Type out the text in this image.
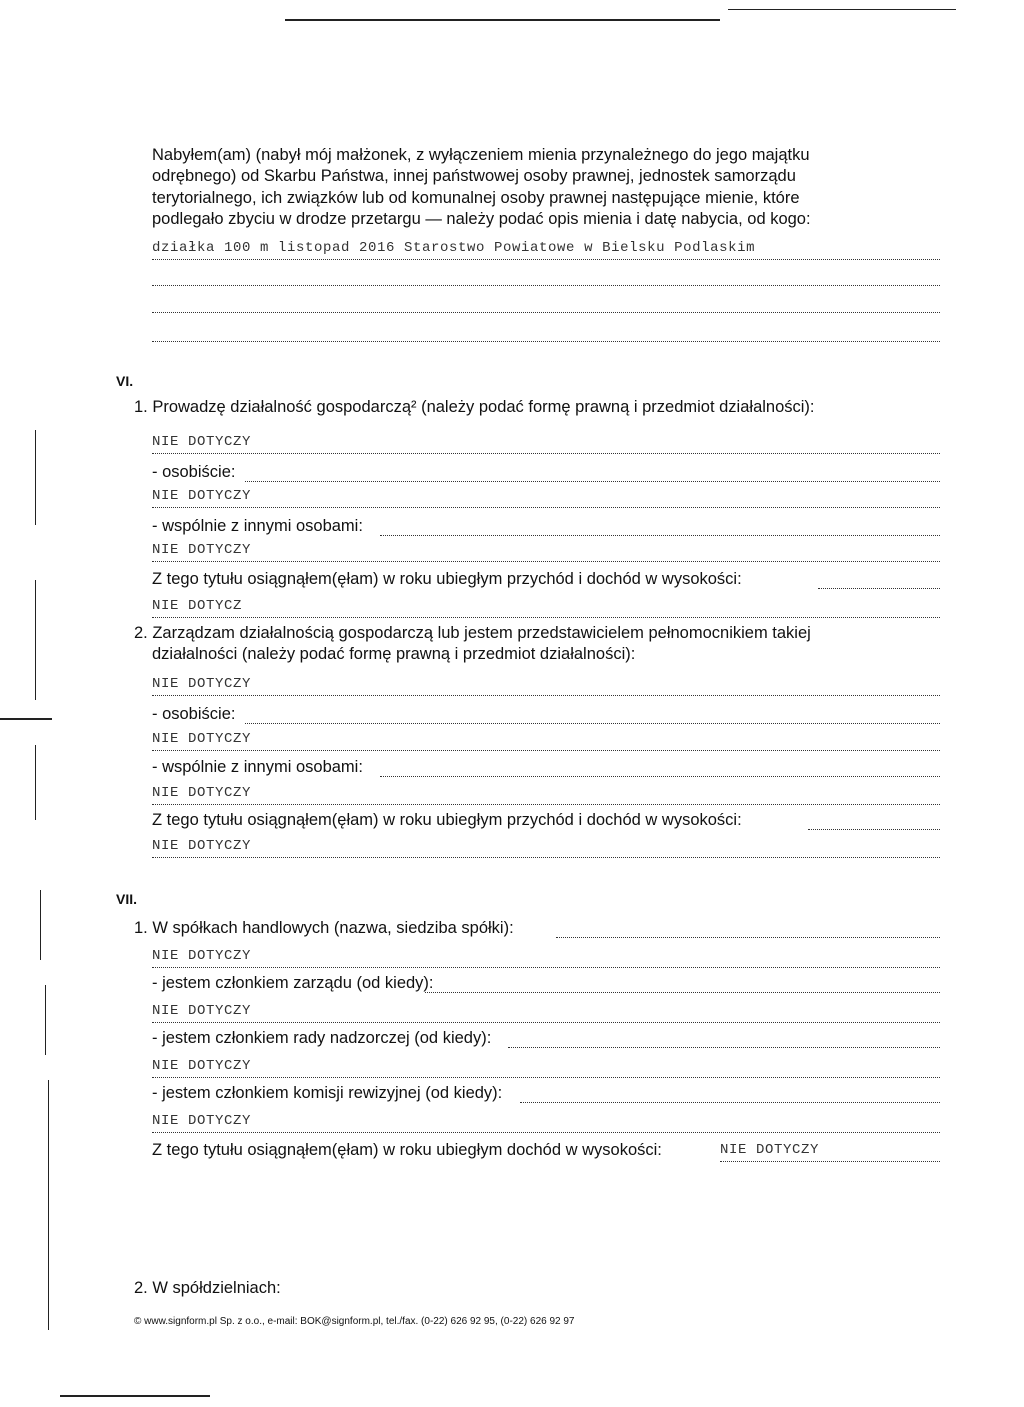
Nabyłem(am) (nabył mój małżonek, z wyłączeniem mienia przynależnego do jego majątku
odrębnego) od Skarbu Państwa, innej państwowej osoby prawnej, jednostek samorządu
terytorialnego, ich związków lub od komunalnej osoby prawnej następujące mienie, które
podlegało zbyciu w drodze przetargu — należy podać opis mienia i datę nabycia, od kogo:
działka 100 m listopad 2016 Starostwo Powiatowe w Bielsku Podlaskim
VI.
1. Prowadzę działalność gospodarczą² (należy podać formę prawną i przedmiot działalności):
NIE DOTYCZY
- osobiście:
NIE DOTYCZY
- wspólnie z innymi osobami:
NIE DOTYCZY
Z tego tytułu osiągnąłem(ęłam) w roku ubiegłym przychód i dochód w wysokości:
NIE DOTYCZ
2. Zarządzam działalnością gospodarczą lub jestem przedstawicielem pełnomocnikiem takiej
działalności (należy podać formę prawną i przedmiot działalności):
NIE DOTYCZY
- osobiście:
NIE DOTYCZY
- wspólnie z innymi osobami:
NIE DOTYCZY
Z tego tytułu osiągnąłem(ęłam) w roku ubiegłym przychód i dochód w wysokości:
NIE DOTYCZY
VII.
1. W spółkach handlowych (nazwa, siedziba spółki):
NIE DOTYCZY
- jestem członkiem zarządu (od kiedy):
NIE DOTYCZY
- jestem członkiem rady nadzorczej (od kiedy):
NIE DOTYCZY
- jestem członkiem komisji rewizyjnej (od kiedy):
NIE DOTYCZY
Z tego tytułu osiągnąłem(ęłam) w roku ubiegłym dochód w wysokości:	NIE DOTYCZY
2. W spółdzielniach:
© www.signform.pl Sp. z o.o., e-mail: BOK@signform.pl, tel./fax. (0-22) 626 92 95, (0-22) 626 92 97
